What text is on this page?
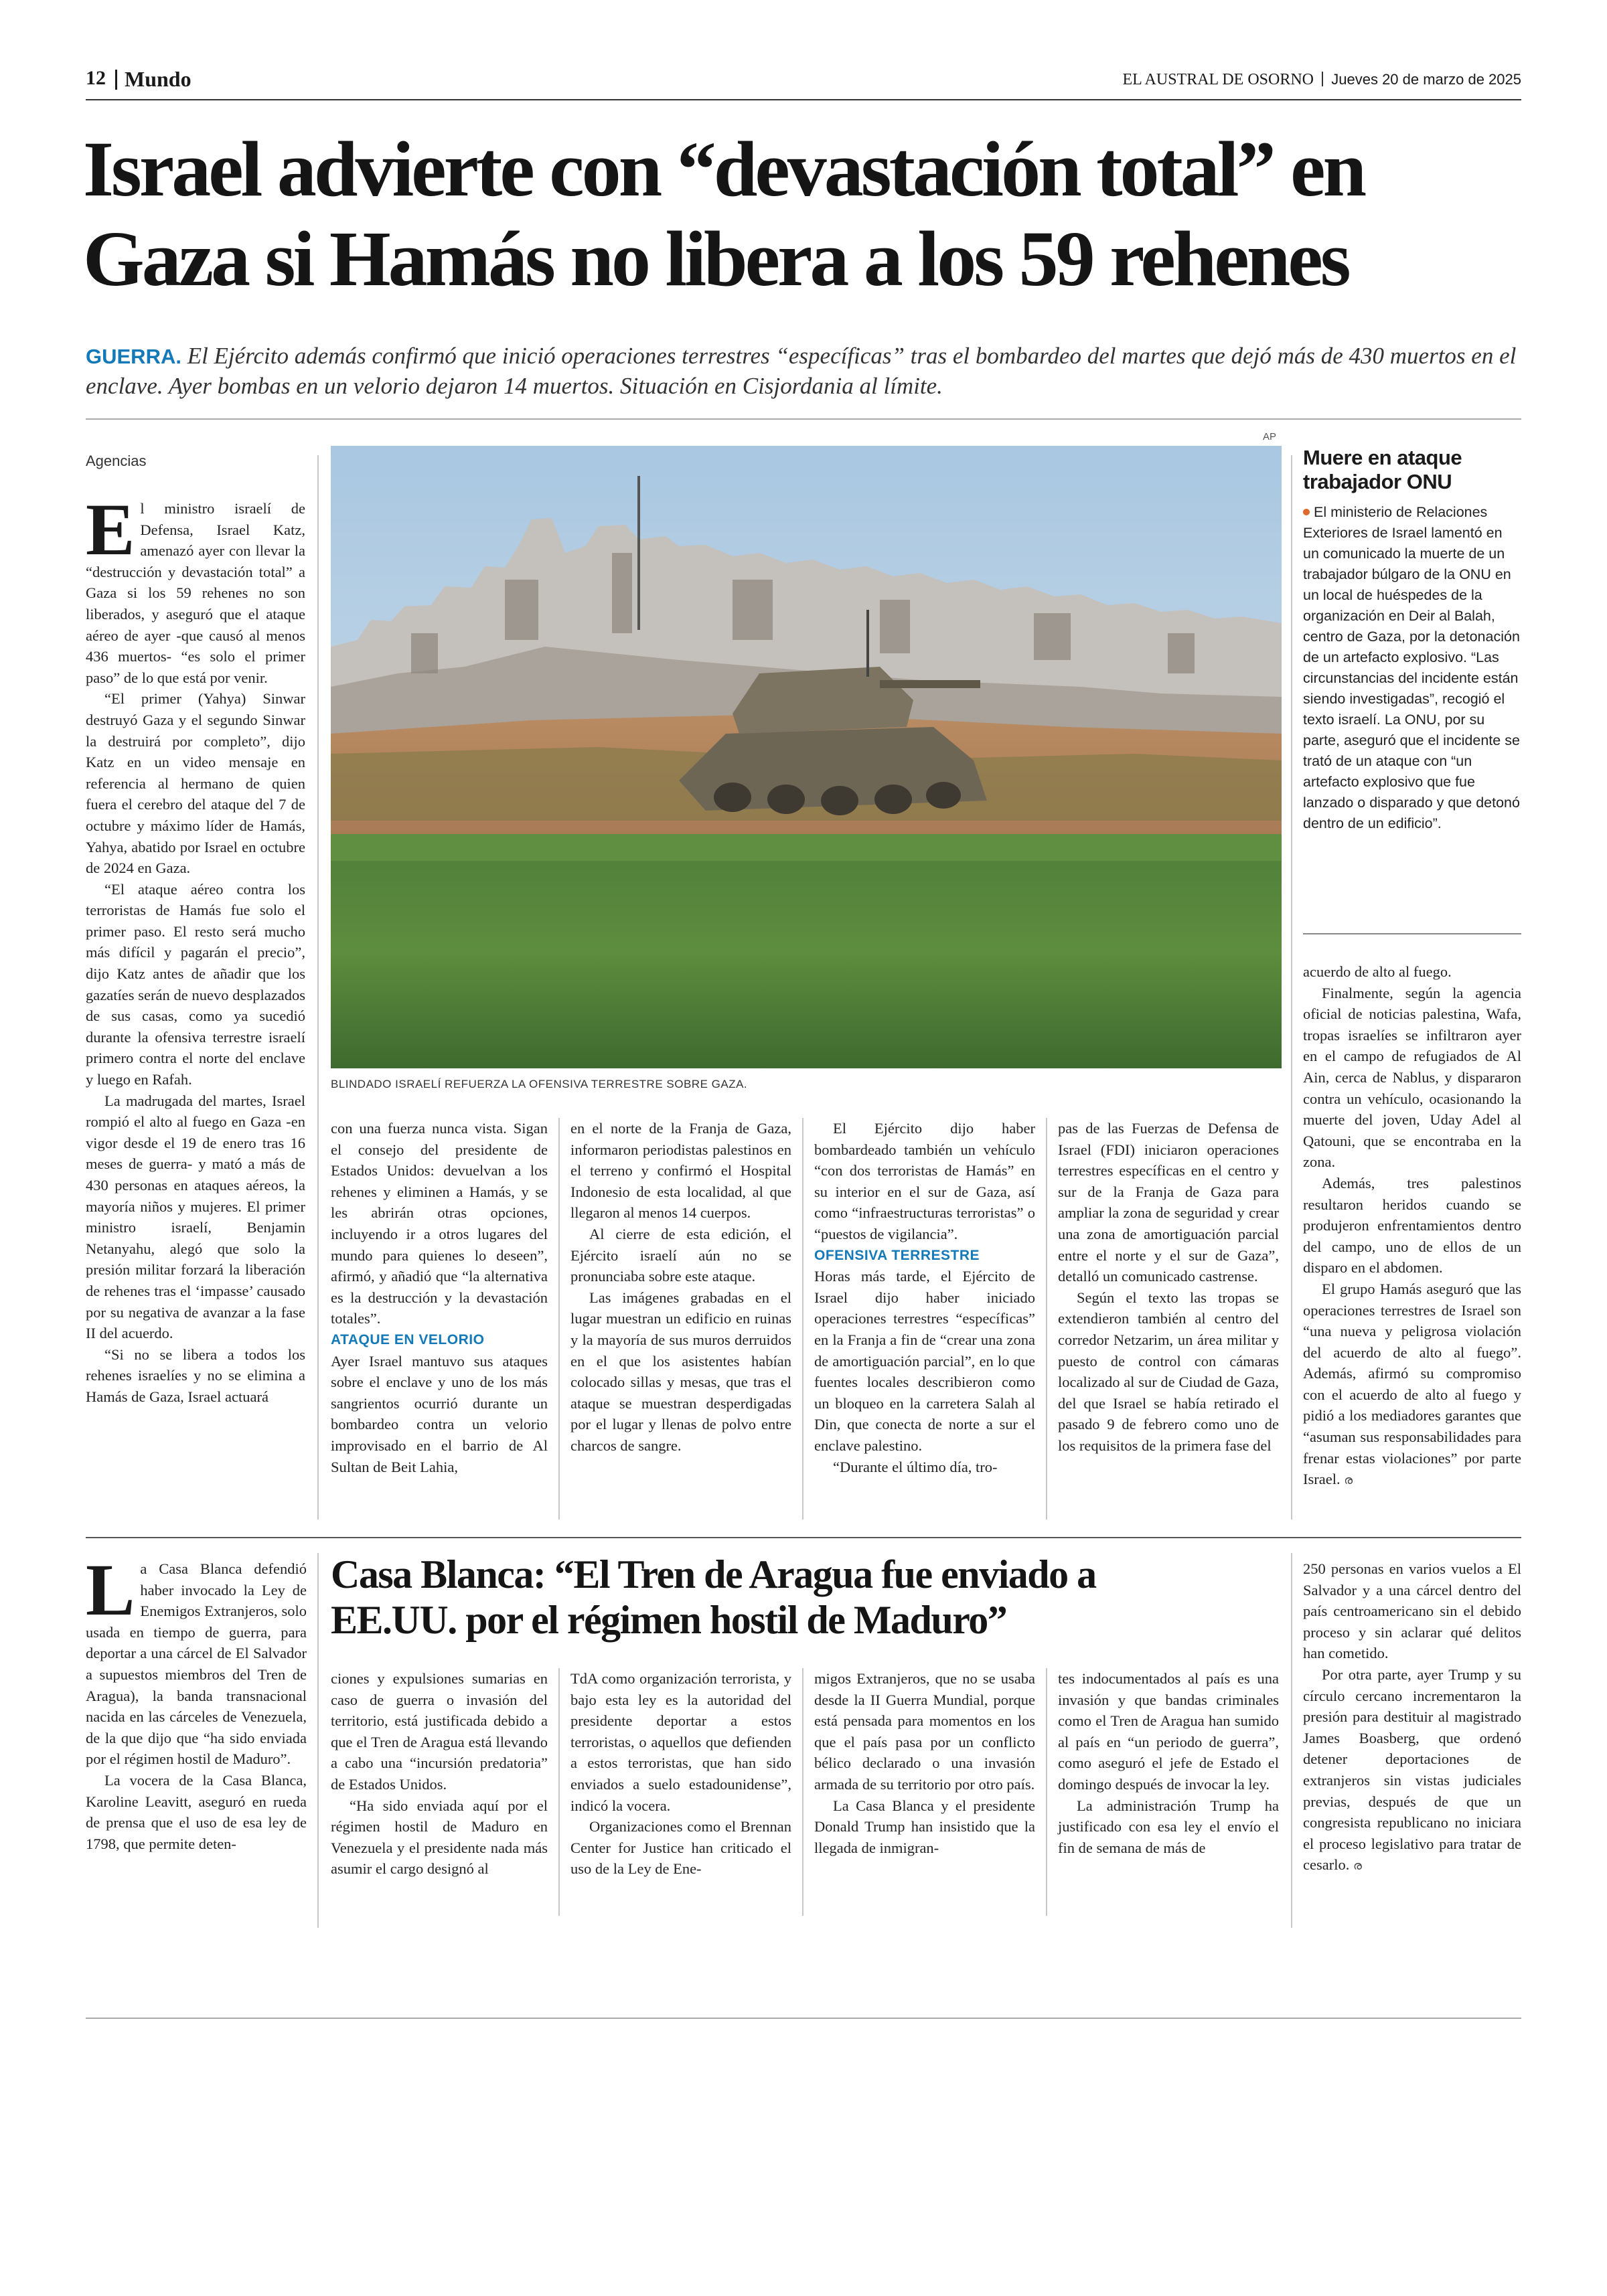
12 Mundo	EL AUSTRAL DE OSORNO Jueves 20 de marzo de 2025
Israel advierte con “devastación total” en
Gaza si Hamás no libera a los 59 rehenes
GUERRA. El Ejército además confirmó que inició operaciones terrestres “específicas” tras el bombardeo del martes que dejó más de 430 muertos en el enclave. Ayer bombas en un velorio dejaron 14 muertos. Situación en Cisjordania al límite.
Agencias
AP
BLINDADO ISRAELÍ REFUERZA LA OFENSIVA TERRESTRE SOBRE GAZA.

El ministro israelí de Defensa, Israel Katz, amenazó ayer con llevar la “destrucción y devastación total” a Gaza si los 59 rehenes no son liberados, y aseguró que el ataque aéreo de ayer -que causó al menos 436 muertos- “es solo el primer paso” de lo que está por venir.

“El primer (Yahya) Sinwar destruyó Gaza y el segundo Sinwar la destruirá por completo”, dijo Katz en un video mensaje en referencia al hermano de quien fuera el cerebro del ataque del 7 de octubre y máximo líder de Hamás, Yahya, abatido por Israel en octubre de 2024 en Gaza.

“El ataque aéreo contra los terroristas de Hamás fue solo el primer paso. El resto será mucho más difícil y pagarán el precio”, dijo Katz antes de añadir que los gazatíes serán de nuevo desplazados de sus casas, como ya sucedió durante la ofensiva terrestre israelí primero contra el norte del enclave y luego en Rafah.

La madrugada del martes, Israel rompió el alto al fuego en Gaza -en vigor desde el 19 de enero tras 16 meses de guerra- y mató a más de 430 personas en ataques aéreos, la mayoría niños y mujeres. El primer ministro israelí, Benjamin Netanyahu, alegó que solo la presión militar forzará la liberación de rehenes tras el ‘impasse’ causado por su negativa de avanzar a la fase II del acuerdo.

“Si no se libera a todos los rehenes israelíes y no se elimina a Hamás de Gaza, Israel actuará

con una fuerza nunca vista. Sigan el consejo del presidente de Estados Unidos: devuelvan a los rehenes y eliminen a Hamás, y se les abrirán otras opciones, incluyendo ir a otros lugares del mundo para quienes lo deseen”, afirmó, y añadió que “la alternativa es la destrucción y la devastación totales”.

ATAQUE EN VELORIO

Ayer Israel mantuvo sus ataques sobre el enclave y uno de los más sangrientos ocurrió durante un bombardeo contra un velorio improvisado en el barrio de Al Sultan de Beit Lahia,

en el norte de la Franja de Gaza, informaron periodistas palestinos en el terreno y confirmó el Hospital Indonesio de esta localidad, al que llegaron al menos 14 cuerpos.

Al cierre de esta edición, el Ejército israelí aún no se pronunciaba sobre este ataque.

Las imágenes grabadas en el lugar muestran un edificio en ruinas y la mayoría de sus muros derruidos en el que los asistentes habían colocado sillas y mesas, que tras el ataque se muestran desperdigadas por el lugar y llenas de polvo entre charcos de sangre.

El Ejército dijo haber bombardeado también un vehículo “con dos terroristas de Hamás” en su interior en el sur de Gaza, así como “infraestructuras terroristas” o “puestos de vigilancia”.

OFENSIVA TERRESTRE

Horas más tarde, el Ejército de Israel dijo haber iniciado operaciones terrestres “específicas” en la Franja a fin de “crear una zona de amortiguación parcial”, en lo que fuentes locales describieron como un bloqueo en la carretera Salah al Din, que conecta de norte a sur el enclave palestino.

“Durante el último día, tro-

pas de las Fuerzas de Defensa de Israel (FDI) iniciaron operaciones terrestres específicas en el centro y sur de la Franja de Gaza para ampliar la zona de seguridad y crear una zona de amortiguación parcial entre el norte y el sur de Gaza”, detalló un comunicado castrense.

Según el texto las tropas se extendieron también al centro del corredor Netzarim, un área militar y puesto de control con cámaras localizado al sur de Ciudad de Gaza, del que Israel se había retirado el pasado 9 de febrero como uno de los requisitos de la primera fase del

Muere en ataque trabajador ONU
El ministerio de Relaciones Exteriores de Israel lamentó en un comunicado la muerte de un trabajador búlgaro de la ONU en un local de huéspedes de la organización en Deir al Balah, centro de Gaza, por la detonación de un artefacto explosivo. “Las circunstancias del incidente están siendo investigadas”, recogió el texto israelí. La ONU, por su parte, aseguró que el incidente se trató de un ataque con “un artefacto explosivo que fue lanzado o disparado y que detonó dentro de un edificio”.

acuerdo de alto al fuego.

Finalmente, según la agencia oficial de noticias palestina, Wafa, tropas israelíes se infiltraron ayer en el campo de refugiados de Al Ain, cerca de Nablus, y dispararon contra un vehículo, ocasionando la muerte del joven, Uday Adel al Qatouni, que se encontraba en la zona.

Además, tres palestinos resultaron heridos cuando se produjeron enfrentamientos dentro del campo, uno de ellos de un disparo en el abdomen.

El grupo Hamás aseguró que las operaciones terrestres de Israel son “una nueva y peligrosa violación del acuerdo de alto al fuego”. Además, afirmó su compromiso con el acuerdo de alto al fuego y pidió a los mediadores garantes que “asuman sus responsabilidades para frenar estas violaciones” por parte Israel. ര

La Casa Blanca defendió haber invocado la Ley de Enemigos Extranjeros, solo usada en tiempo de guerra, para deportar a una cárcel de El Salvador a supuestos miembros del Tren de Aragua), la banda transnacional nacida en las cárceles de Venezuela, de la que dijo que “ha sido enviada por el régimen hostil de Maduro”.

La vocera de la Casa Blanca, Karoline Leavitt, aseguró en rueda de prensa que el uso de esa ley de 1798, que permite deten-

Casa Blanca: “El Tren de Aragua fue enviado a
EE.UU. por el régimen hostil de Maduro”

ciones y expulsiones sumarias en caso de guerra o invasión del territorio, está justificada debido a que el Tren de Aragua está llevando a cabo una “incursión predatoria” de Estados Unidos.

“Ha sido enviada aquí por el régimen hostil de Maduro en Venezuela y el presidente nada más asumir el cargo designó al

TdA como organización terrorista, y bajo esta ley es la autoridad del presidente deportar a estos terroristas, o aquellos que defienden a estos terroristas, que han sido enviados a suelo estadounidense”, indicó la vocera.

Organizaciones como el Brennan Center for Justice han criticado el uso de la Ley de Ene-

migos Extranjeros, que no se usaba desde la II Guerra Mundial, porque está pensada para momentos en los que el país pasa por un conflicto bélico declarado o una invasión armada de su territorio por otro país.

La Casa Blanca y el presidente Donald Trump han insistido que la llegada de inmigran-

tes indocumentados al país es una invasión y que bandas criminales como el Tren de Aragua han sumido al país en “un periodo de guerra”, como aseguró el jefe de Estado el domingo después de invocar la ley.

La administración Trump ha justificado con esa ley el envío el fin de semana de más de

250 personas en varios vuelos a El Salvador y a una cárcel dentro del país centroamericano sin el debido proceso y sin aclarar qué delitos han cometido.

Por otra parte, ayer Trump y su círculo cercano incrementaron la presión para destituir al magistrado James Boasberg, que ordenó detener deportaciones de extranjeros sin vistas judiciales previas, después de que un congresista republicano no iniciara el proceso legislativo para tratar de cesarlo. ര
